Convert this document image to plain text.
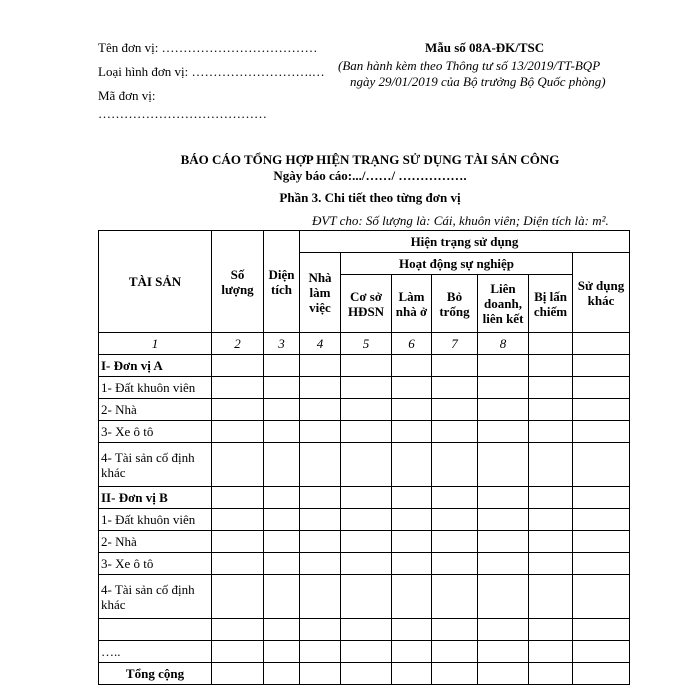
Tên đơn vị: ………………………………
Loại hình đơn vị: ……………………….…
Mã đơn vị:
…………………………………
Mẫu số 08A-ĐK/TSC
(Ban hành kèm theo Thông tư số 13/2019/TT-BQP
ngày 29/01/2019 của Bộ trưởng Bộ Quốc phòng)
BÁO CÁO TỔNG HỢP HIỆN TRẠNG SỬ DỤNG TÀI SẢN CÔNG
Ngày báo cáo:.../……/ …………….
Phần 3. Chi tiết theo từng đơn vị
ĐVT cho: Số lượng là: Cái, khuôn viên; Diện tích là: m².
TÀI SẢN	Số lượng	Diện tích	Hiện trạng sử dụng						
			Nhà làm việc	Hoạt động sự nghiệp					Sử dụng khác
				Cơ sở HĐSN	Làm nhà ở	Bỏ trống	Liên doanh, liên kết	Bị lấn chiếm	
1	2	3	4	5	6	7	8		
I- Đơn vị A									
1- Đất khuôn viên									
2- Nhà									
3- Xe ô tô									
4- Tài sản cố định khác									
II- Đơn vị B									
1- Đất khuôn viên									
2- Nhà									
3- Xe ô tô									
4- Tài sản cố định khác									

…..									
Tổng cộng									
